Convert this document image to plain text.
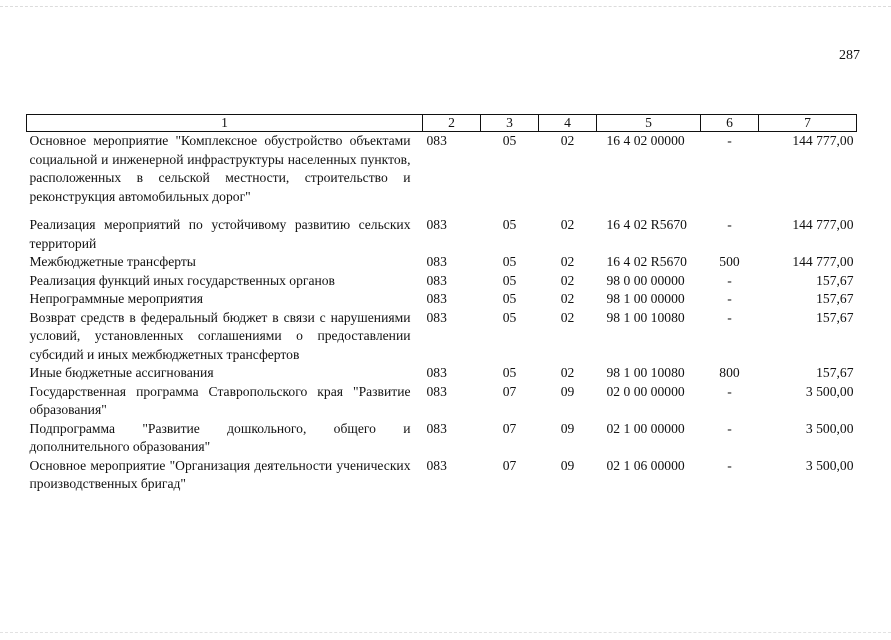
287
1	2	3	4	5	6	7

Основное мероприятие "Комплексное обустройство объектами социальной и инженерной инфраструктуры населенных пунктов, расположенных в сельской местности, строительство и реконструкция автомобильных дорог"	083	05	02	16 4 02 00000	-	144 777,00

Реализация мероприятий по устойчивому развитию сельских территорий	083	05	02	16 4 02 R5670	-	144 777,00

Межбюджетные трансферты	083	05	02	16 4 02 R5670	500	144 777,00

Реализация функций иных государственных органов	083	05	02	98 0 00 00000	-	157,67

Непрограммные мероприятия	083	05	02	98 1 00 00000	-	157,67

Возврат средств в федеральный бюджет в связи с нарушениями условий, установленных соглашениями о предоставлении субсидий и иных межбюджетных трансфертов	083	05	02	98 1 00 10080	-	157,67

Иные бюджетные ассигнования	083	05	02	98 1 00 10080	800	157,67

Государственная программа Ставропольского края "Развитие образования"	083	07	09	02 0 00 00000	-	3 500,00

Подпрограмма "Развитие дошкольного, общего и дополнительного образования"	083	07	09	02 1 00 00000	-	3 500,00

Основное мероприятие "Организация деятельности ученических производственных бригад"	083	07	09	02 1 06 00000	-	3 500,00
